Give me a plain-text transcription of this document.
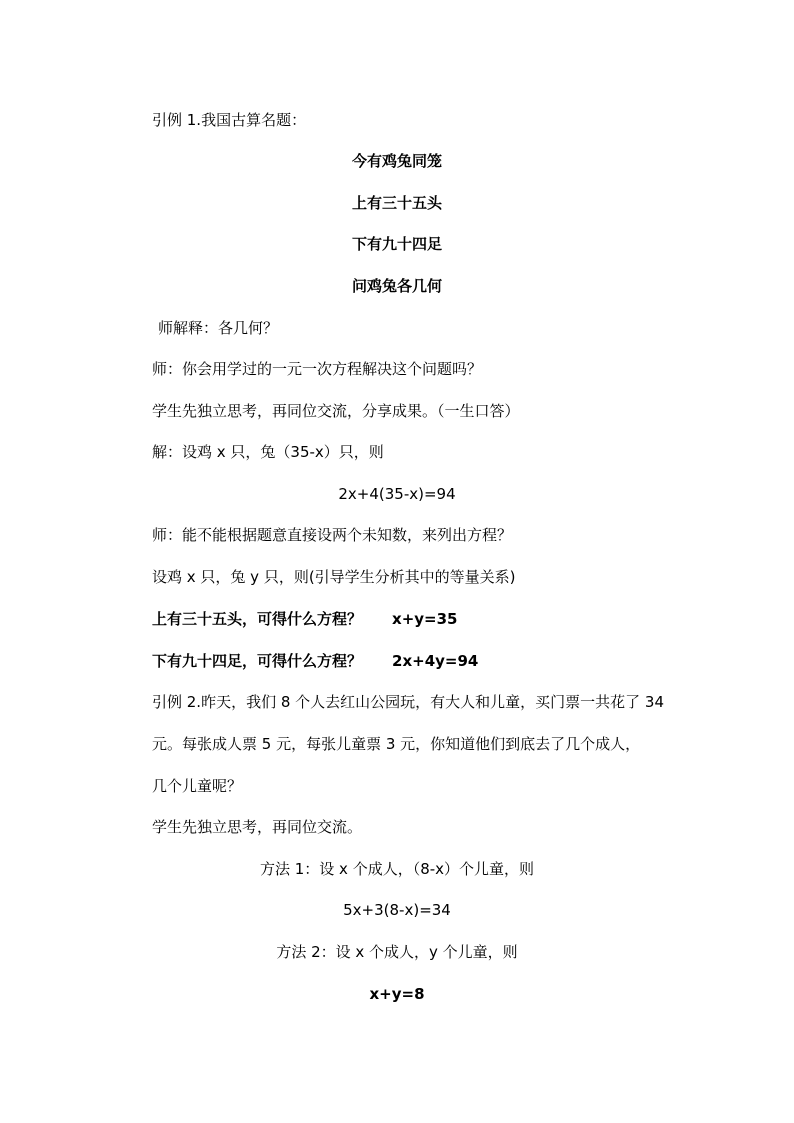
引例 1.我国古算名题：
今有鸡兔同笼
上有三十五头
下有九十四足
问鸡兔各几何
师解释：各几何？
师：你会用学过的一元一次方程解决这个问题吗？
学生先独立思考，再同位交流，分享成果。（一生口答）
解：设鸡 x 只，兔（35-x）只，则
2x+4(35-x)=94
师：能不能根据题意直接设两个未知数，来列出方程？
设鸡 x 只，兔 y 只，则(引导学生分析其中的等量关系)
上有三十五头，可得什么方程？ x+y=35
下有九十四足，可得什么方程？ 2x+4y=94
引例 2.昨天，我们 8 个人去红山公园玩，有大人和儿童，买门票一共花了 34
元。每张成人票 5 元，每张儿童票 3 元，你知道他们到底去了几个成人，
几个儿童呢？
学生先独立思考，再同位交流。
方法 1：设 x 个成人，（8-x）个儿童，则
5x+3(8-x)=34
方法 2：设 x 个成人，y 个儿童，则
x+y=8
